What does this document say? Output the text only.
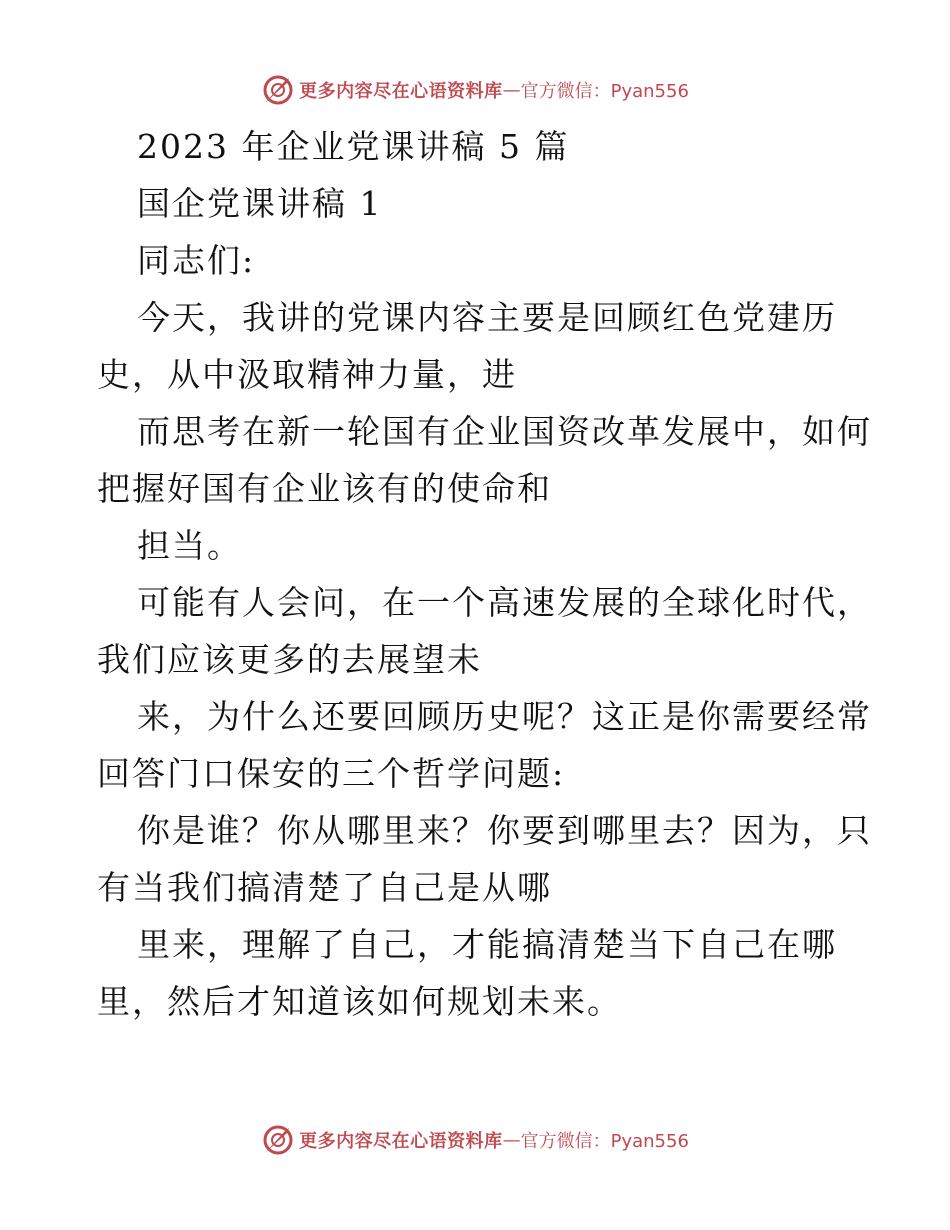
更多内容尽在心语资料库 — 官方微信：Pyan556
2023 年企业党课讲稿 5 篇
国企党课讲稿 1
同志们:
今天，我讲的党课内容主要是回顾红色党建历
史，从中汲取精神力量，进
而思考在新一轮国有企业国资改革发展中，如何
把握好国有企业该有的使命和
担当。
可能有人会问，在一个高速发展的全球化时代，
我们应该更多的去展望未
来，为什么还要回顾历史呢？这正是你需要经常
回答门口保安的三个哲学问题:
你是谁？你从哪里来？你要到哪里去？因为，只
有当我们搞清楚了自己是从哪
里来，理解了自己，才能搞清楚当下自己在哪
里，然后才知道该如何规划未来。
更多内容尽在心语资料库 — 官方微信：Pyan556
